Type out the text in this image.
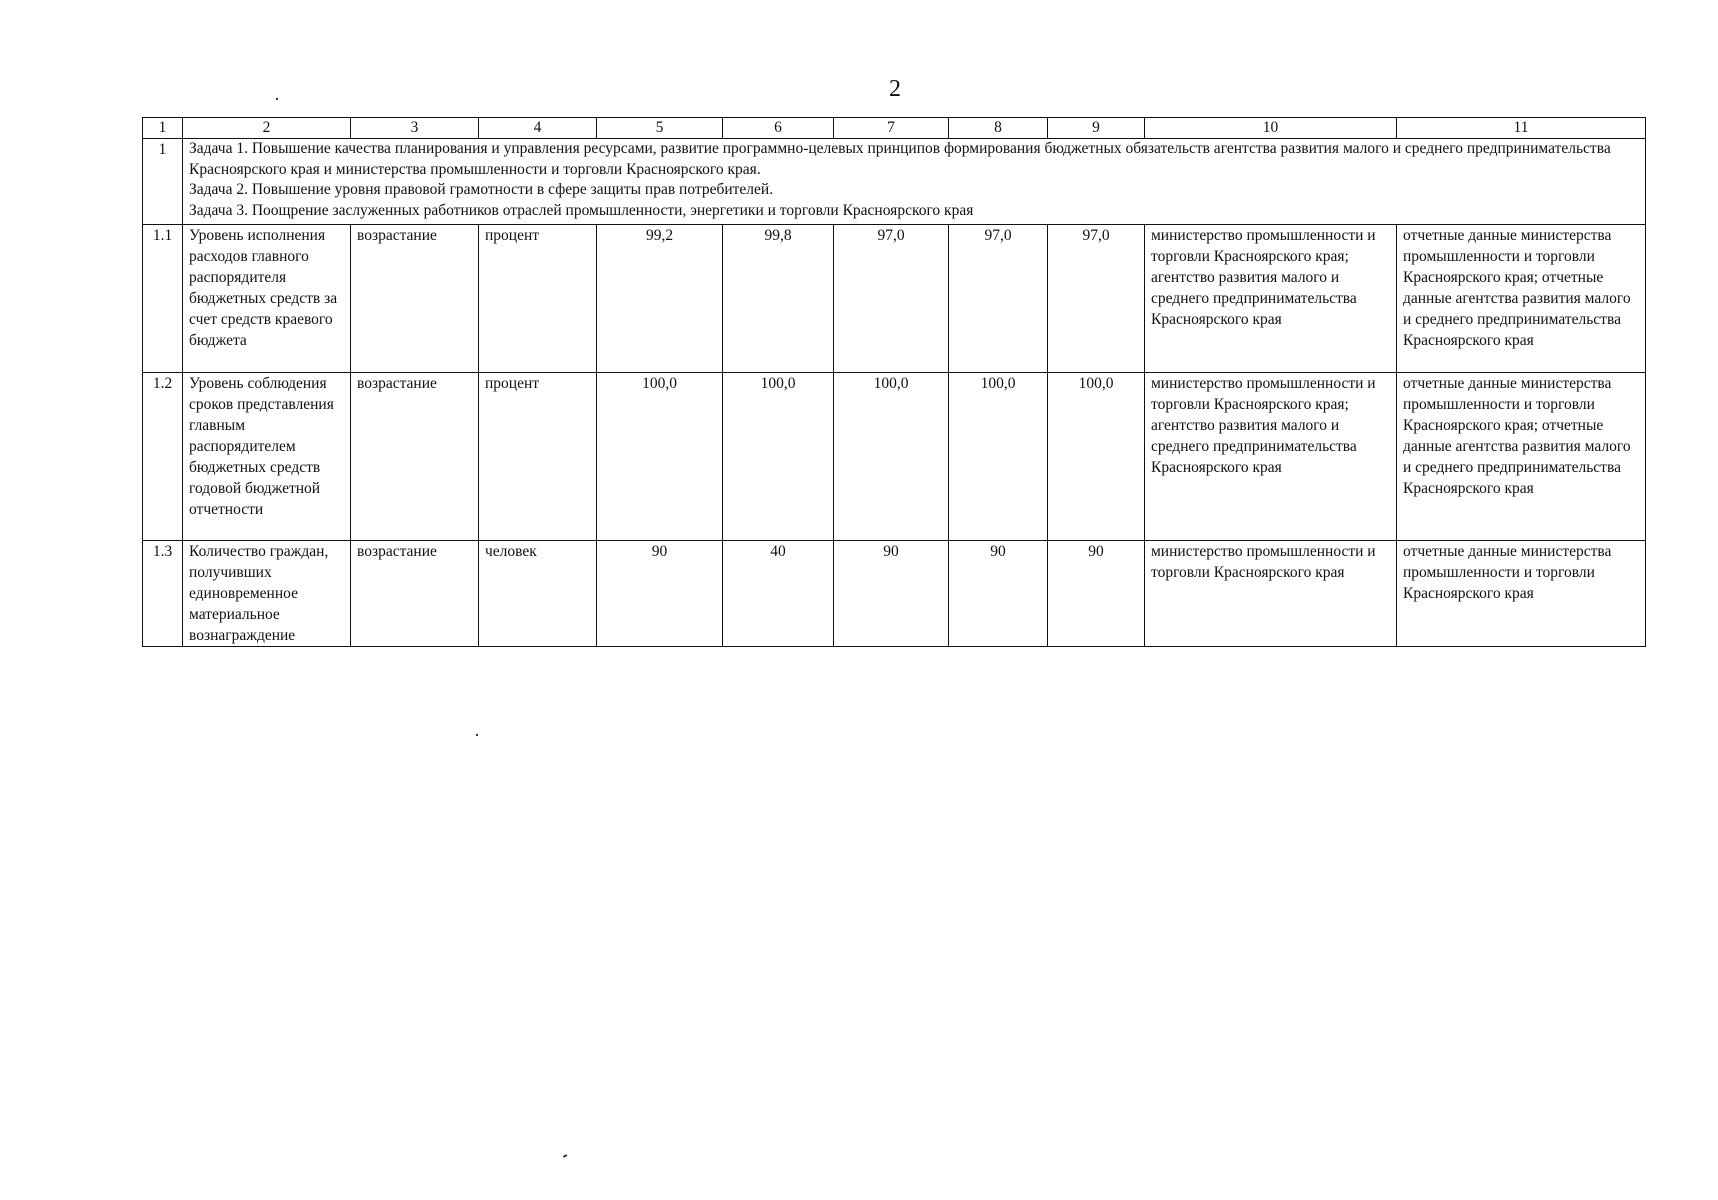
2
1	2	3	4	5	6	7	8	9	10	11
1	Задача 1. Повышение качества планирования и управления ресурсами, развитие программно-целевых принципов формирования бюджетных обязательств агентства развития малого и среднего предпринимательства Красноярского края и министерства промышленности и торговли Красноярского края.
Задача 2. Повышение уровня правовой грамотности в сфере защиты прав потребителей.
Задача 3. Поощрение заслуженных работников отраслей промышленности, энергетики и торговли Красноярского края									

1.1	Уровень исполнения расходов главного распорядителя бюджетных средств за счет средств краевого бюджета	возрастание	процент	99,2	99,8	97,0	97,0	97,0	министерство промышленности и торговли Красноярского края; агентство развития малого и среднего предпринимательства Красноярского края	отчетные данные министерства промышленности и торговли Красноярского края; отчетные данные агентства развития малого и среднего предпринимательства Красноярского края
1.2	Уровень соблюдения сроков представления главным распорядителем бюджетных средств годовой бюджетной отчетности	возрастание	процент	100,0	100,0	100,0	100,0	100,0	министерство промышленности и торговли Красноярского края; агентство развития малого и среднего предпринимательства Красноярского края	отчетные данные министерства промышленности и торговли Красноярского края; отчетные данные агентства развития малого и среднего предпринимательства Красноярского края
1.3	Количество граждан, получивших единовременное материальное вознаграждение	возрастание	человек	90	40	90	90	90	министерство промышленности и торговли Красноярского края	отчетные данные министерства промышленности и торговли Красноярского края
